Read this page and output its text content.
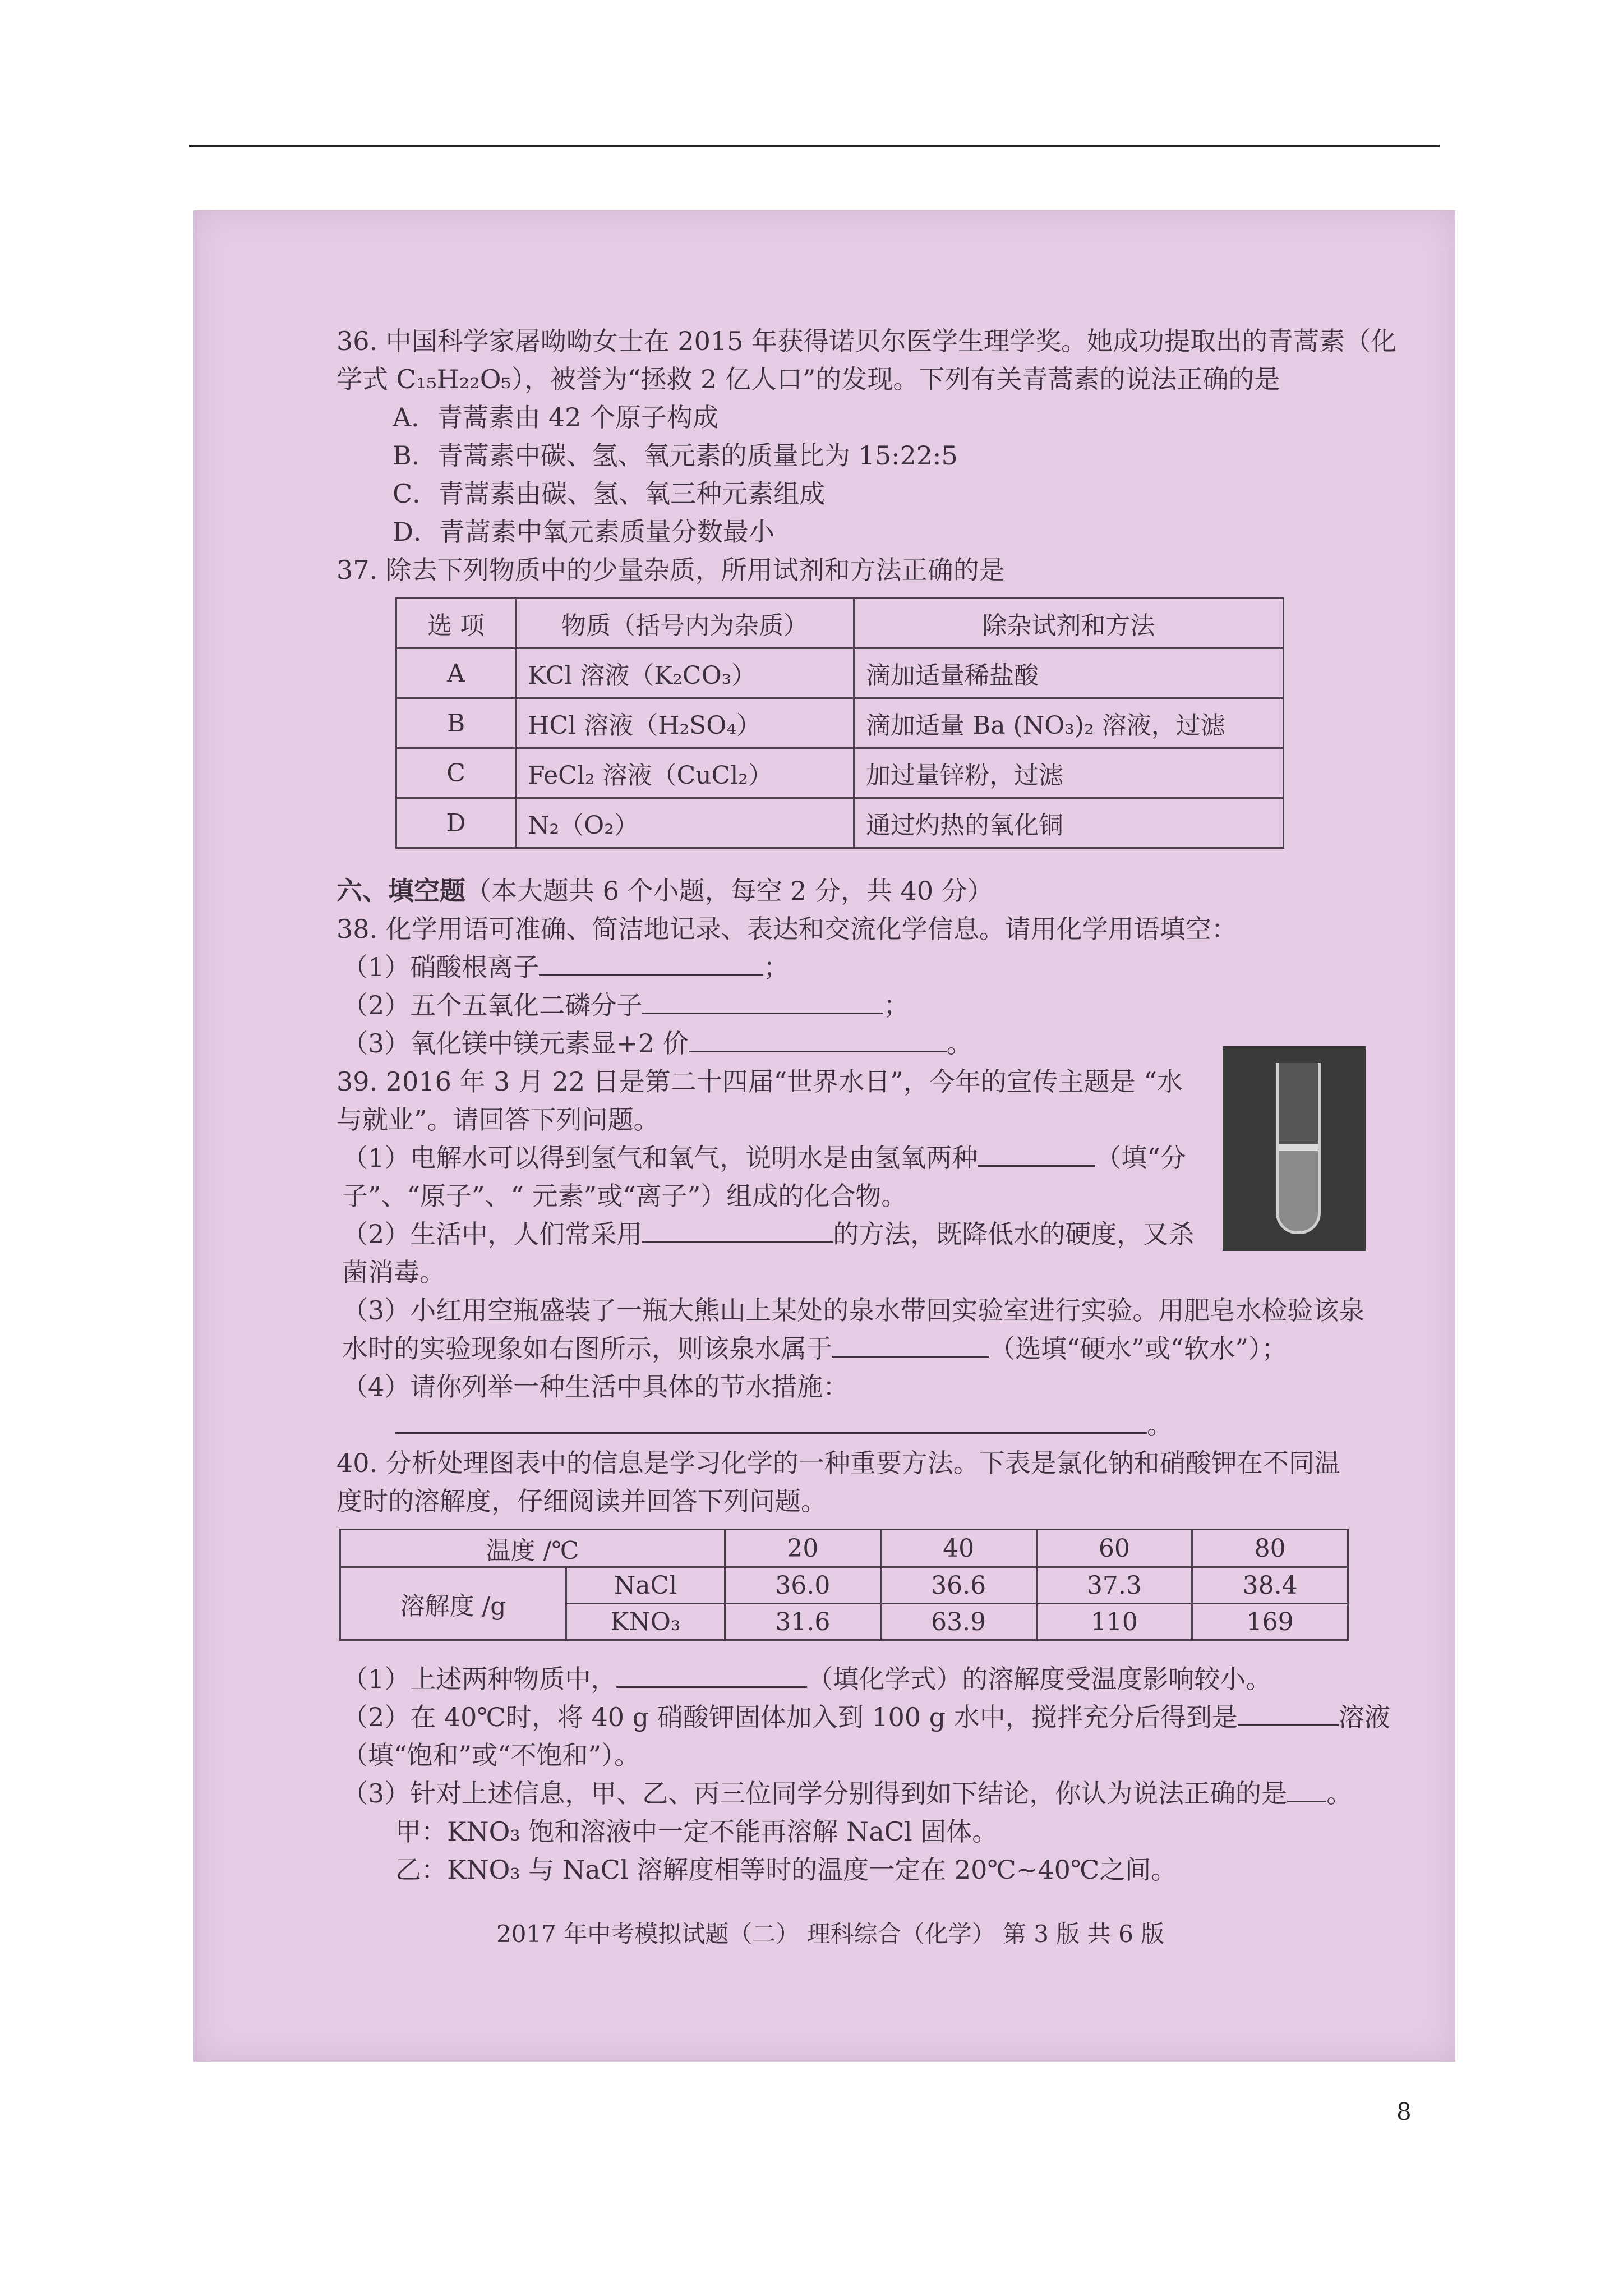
36. 中国科学家屠呦呦女士在 2015 年获得诺贝尔医学生理学奖。她成功提取出的青蒿素（化
学式 C₁₅H₂₂O₅），被誉为“拯救 2 亿人口”的发现。下列有关青蒿素的说法正确的是
A．青蒿素由 42 个原子构成
B．青蒿素中碳、氢、氧元素的质量比为 15:22:5
C．青蒿素由碳、氢、氧三种元素组成
D．青蒿素中氧元素质量分数最小
37. 除去下列物质中的少量杂质，所用试剂和方法正确的是
选 项	物质（括号内为杂质）	除杂试剂和方法
A	KCl 溶液（K₂CO₃）	滴加适量稀盐酸
B	HCl 溶液（H₂SO₄）	滴加适量 Ba (NO₃)₂ 溶液，过滤
C	FeCl₂ 溶液（CuCl₂）	加过量锌粉，过滤
D	N₂（O₂）	通过灼热的氧化铜
六、填空题（本大题共 6 个小题，每空 2 分，共 40 分）
38. 化学用语可准确、简洁地记录、表达和交流化学信息。请用化学用语填空：
（1）硝酸根离子	；
（2）五个五氧化二磷分子	；
（3）氧化镁中镁元素显+2 价	。
39. 2016 年 3 月 22 日是第二十四届“世界水日”，今年的宣传主题是 “水
与就业”。请回答下列问题。
（1）电解水可以得到氢气和氧气，说明水是由氢氧两种	（填“分
子”、“原子”、“ 元素”或“离子”）组成的化合物。
（2）生活中，人们常采用	的方法，既降低水的硬度，又杀
菌消毒。
（3）小红用空瓶盛装了一瓶大熊山上某处的泉水带回实验室进行实验。用肥皂水检验该泉
水时的实验现象如右图所示，则该泉水属于	（选填“硬水”或“软水”）；
（4）请你列举一种生活中具体的节水措施：
。
40. 分析处理图表中的信息是学习化学的一种重要方法。下表是氯化钠和硝酸钾在不同温
度时的溶解度，仔细阅读并回答下列问题。
温度 /℃		20	40	60	80
溶解度 /g	NaCl	36.0	36.6	37.3	38.4
	KNO₃	31.6	63.9	110	169
（1）上述两种物质中，	（填化学式）的溶解度受温度影响较小。
（2）在 40℃时，将 40 g 硝酸钾固体加入到 100 g 水中，搅拌充分后得到是	溶液
（填“饱和”或“不饱和”）。
（3）针对上述信息，甲、乙、丙三位同学分别得到如下结论，你认为说法正确的是 。
甲：KNO₃ 饱和溶液中一定不能再溶解 NaCl 固体。
乙：KNO₃ 与 NaCl 溶解度相等时的温度一定在 20℃~40℃之间。
2017 年中考模拟试题（二） 理科综合（化学） 第 3 版 共 6 版
8
